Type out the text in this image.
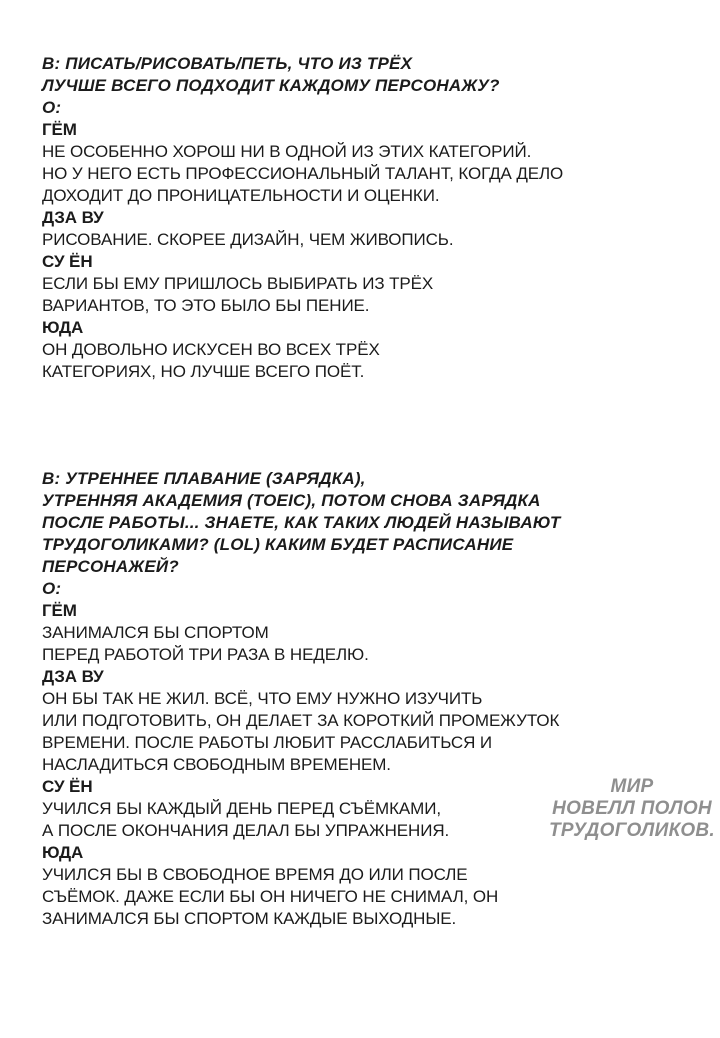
В: ПИСАТЬ/РИСОВАТЬ/ПЕТЬ, ЧТО ИЗ ТРЁХ
ЛУЧШЕ ВСЕГО ПОДХОДИТ КАЖДОМУ ПЕРСОНАЖУ?
О:
ГЁМ
НЕ ОСОБЕННО ХОРОШ НИ В ОДНОЙ ИЗ ЭТИХ КАТЕГОРИЙ.
НО У НЕГО ЕСТЬ ПРОФЕССИОНАЛЬНЫЙ ТАЛАНТ, КОГДА ДЕЛО
ДОХОДИТ ДО ПРОНИЦАТЕЛЬНОСТИ И ОЦЕНКИ.
ДЗА ВУ
РИСОВАНИЕ. СКОРЕЕ ДИЗАЙН, ЧЕМ ЖИВОПИСЬ.
СУ ЁН
ЕСЛИ БЫ ЕМУ ПРИШЛОСЬ ВЫБИРАТЬ ИЗ ТРЁХ
ВАРИАНТОВ, ТО ЭТО БЫЛО БЫ ПЕНИЕ.
ЮДА
ОН ДОВОЛЬНО ИСКУСЕН ВО ВСЕХ ТРЁХ
КАТЕГОРИЯХ, НО ЛУЧШЕ ВСЕГО ПОЁТ.
В: УТРЕННЕЕ ПЛАВАНИЕ (ЗАРЯДКА),
УТРЕННЯЯ АКАДЕМИЯ (TOEIC), ПОТОМ СНОВА ЗАРЯДКА
ПОСЛЕ РАБОТЫ... ЗНАЕТЕ, КАК ТАКИХ ЛЮДЕЙ НАЗЫВАЮТ
ТРУДОГОЛИКАМИ? (LOL) КАКИМ БУДЕТ РАСПИСАНИЕ
ПЕРСОНАЖЕЙ?
О:
ГЁМ
ЗАНИМАЛСЯ БЫ СПОРТОМ
ПЕРЕД РАБОТОЙ ТРИ РАЗА В НЕДЕЛЮ.
ДЗА ВУ
ОН БЫ ТАК НЕ ЖИЛ. ВСЁ, ЧТО ЕМУ НУЖНО ИЗУЧИТЬ
ИЛИ ПОДГОТОВИТЬ, ОН ДЕЛАЕТ ЗА КОРОТКИЙ ПРОМЕЖУТОК
ВРЕМЕНИ. ПОСЛЕ РАБОТЫ ЛЮБИТ РАССЛАБИТЬСЯ И
НАСЛАДИТЬСЯ СВОБОДНЫМ ВРЕМЕНЕМ.
СУ ЁН
УЧИЛСЯ БЫ КАЖДЫЙ ДЕНЬ ПЕРЕД СЪЁМКАМИ,
А ПОСЛЕ ОКОНЧАНИЯ ДЕЛАЛ БЫ УПРАЖНЕНИЯ.
ЮДА
УЧИЛСЯ БЫ В СВОБОДНОЕ ВРЕМЯ ДО ИЛИ ПОСЛЕ
СЪЁМОК. ДАЖЕ ЕСЛИ БЫ ОН НИЧЕГО НЕ СНИМАЛ, ОН
ЗАНИМАЛСЯ БЫ СПОРТОМ КАЖДЫЕ ВЫХОДНЫЕ.
МИР
НОВЕЛЛ ПОЛОН
ТРУДОГОЛИКОВ.
